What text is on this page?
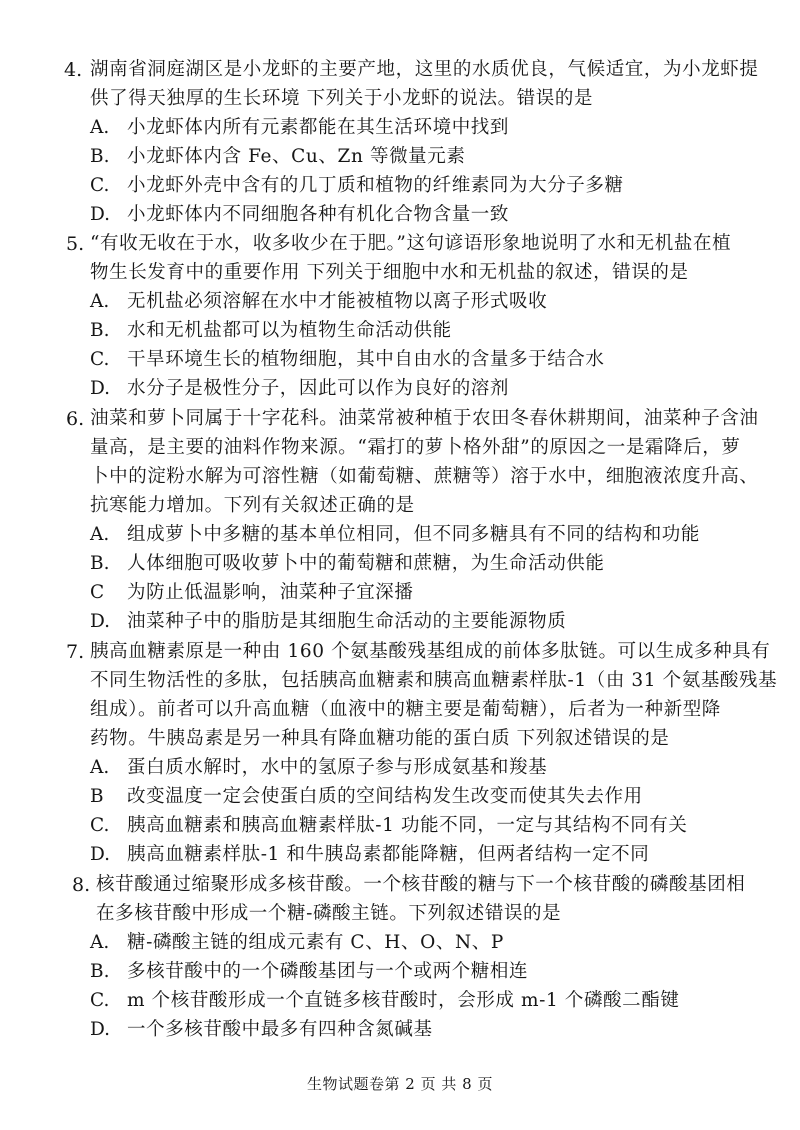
4. 湖南省洞庭湖区是小龙虾的主要产地，这里的水质优良，气候适宜，为小龙虾提
供了得天独厚的生长环境 下列关于小龙虾的说法。错误的是
A. 小龙虾体内所有元素都能在其生活环境中找到
B. 小龙虾体内含 Fe、Cu、Zn 等微量元素
C. 小龙虾外壳中含有的几丁质和植物的纤维素同为大分子多糖
D. 小龙虾体内不同细胞各种有机化合物含量一致
5. “有收无收在于水，收多收少在于肥。”这句谚语形象地说明了水和无机盐在植
物生长发育中的重要作用 下列关于细胞中水和无机盐的叙述，错误的是
A. 无机盐必须溶解在水中才能被植物以离子形式吸收
B. 水和无机盐都可以为植物生命活动供能
C. 干旱环境生长的植物细胞，其中自由水的含量多于结合水
D. 水分子是极性分子，因此可以作为良好的溶剂
6. 油菜和萝卜同属于十字花科。油菜常被种植于农田冬春休耕期间，油菜种子含油
量高，是主要的油料作物来源。“霜打的萝卜格外甜”的原因之一是霜降后，萝
卜中的淀粉水解为可溶性糖（如葡萄糖、蔗糖等）溶于水中，细胞液浓度升高、
抗寒能力增加。下列有关叙述正确的是
A. 组成萝卜中多糖的基本单位相同，但不同多糖具有不同的结构和功能
B. 人体细胞可吸收萝卜中的葡萄糖和蔗糖，为生命活动供能
C 为防止低温影响，油菜种子宜深播
D. 油菜种子中的脂肪是其细胞生命活动的主要能源物质
7. 胰高血糖素原是一种由 160 个氨基酸残基组成的前体多肽链。可以生成多种具有
不同生物活性的多肽，包括胰高血糖素和胰高血糖素样肽-1（由 31 个氨基酸残基
组成）。前者可以升高血糖（血液中的糖主要是葡萄糖），后者为一种新型降
药物。牛胰岛素是另一种具有降血糖功能的蛋白质 下列叙述错误的是
A. 蛋白质水解时，水中的氢原子参与形成氨基和羧基
B 改变温度一定会使蛋白质的空间结构发生改变而使其失去作用
C. 胰高血糖素和胰高血糖素样肽-1 功能不同，一定与其结构不同有关
D. 胰高血糖素样肽-1 和牛胰岛素都能降糖，但两者结构一定不同
8. 核苷酸通过缩聚形成多核苷酸。一个核苷酸的糖与下一个核苷酸的磷酸基团相
在多核苷酸中形成一个糖-磷酸主链。下列叙述错误的是
A. 糖-磷酸主链的组成元素有 C、H、O、N、P
B. 多核苷酸中的一个磷酸基团与一个或两个糖相连
C. m 个核苷酸形成一个直链多核苷酸时，会形成 m-1 个磷酸二酯键
D. 一个多核苷酸中最多有四种含氮碱基
生物试题卷第 2 页 共 8 页
